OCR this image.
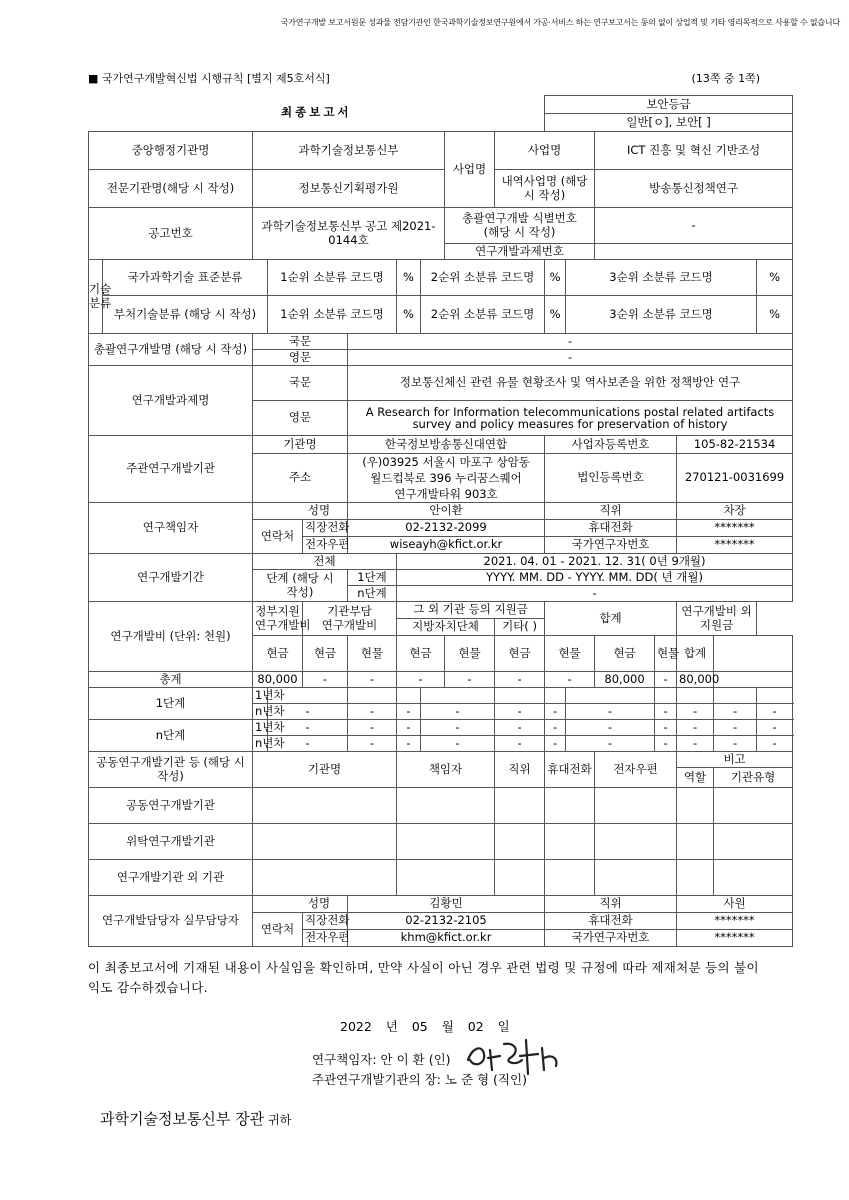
국가연구개발 보고서원문 성과물 전담기관인 한국과학기술정보연구원에서 가공·서비스 하는 연구보고서는 동의 없이 상업적 및 기타 영리목적으로 사용할 수 없습니다
■ 국가연구개발혁신법 시행규칙 [별지 제5호서식]	(13쪽 중 1쪽)
최종보고서										보안등급						
										일반[ㅇ], 보안[ ]						
중앙행정기관명		과학기술정보통신부						사업명	사업명			ICT 진흥 및 혁신 기반조성				
전문기관명(해당 시 작성)		정보통신기획평가원							내역사업명 (해당 시 작성)			방송통신정책연구				
공고번호		과학기술정보통신부 공고 제2021-0144호						총괄연구개발 식별번호 (해당 시 작성)				-				
								연구개발과제번호								
기술 분류	국가과학기술 표준분류		1순위 소분류 코드명			%	2순위 소분류 코드명			%	3순위 소분류 코드명					%
	부처기술분류 (해당 시 작성)		1순위 소분류 코드명			%	2순위 소분류 코드명			%	3순위 소분류 코드명					%
총괄연구개발명 (해당 시 작성)		국문			-											
		영문			-											
연구개발과제명		국문			정보통신체신 관련 유물 현황조사 및 역사보존을 위한 정책방안 연구											
		영문			A Research for Information telecommunications postal related artifacts survey and policy measures for preservation of history											
주관연구개발기관		기관명			한국정보방송통신대연합					사업자등록번호				105-82-21534		
		주소			(우)03925 서울시 마포구 상암동 월드컵북로 396 누리꿈스퀘어 연구개발타워 903호					법인등록번호				270121-0031699		
연구책임자		성명			안이환					직위				차장		
		연락처		직장전화	02-2132-2099					휴대전화				*******		
				전자우편	wiseayh@kfict.or.kr					국가연구자번호				*******		
연구개발기간		전체				2021. 04. 01 - 2021. 12. 31( 0년 9개월)										
		단계 (해당 시 작성)			1단계	YYYY. MM. DD - YYYY. MM. DD( 년 개월)										
					n단계	-										
연구개발비 (단위: 천원)		정부지원 연구개발비		기관부담 연구개발비		그 외 기관 등의 지원금				합계				연구개발비 외 지원금		
						지방자치단체			기타( )							
		현금		현금	현물	현금		현물	현금	현물		현금	현물	합계		
총계		80,000		-	-	-		-	-	-		80,000	-	80,000		
1단계		1년차														
		n년차	-		-	-	-		-	-	-		-	-	-	-
n단계		1년차	-		-	-	-		-	-	-		-	-	-	-
		n년차	-		-	-	-		-	-	-		-	-	-	-
공동연구개발기관 등 (해당 시 작성)		기관명				책임자			직위	휴대전화		전자우편		비고		
														역할	기관유형	
공동연구개발기관																
위탁연구개발기관																
연구개발기관 외 기관																
연구개발담당자 실무담당자		성명			김황민					직위				사원		
		연락처		직장전화	02-2132-2105					휴대전화				*******		
				전자우편	khm@kfict.or.kr					국가연구자번호				*******		
이 최종보고서에 기재된 내용이 사실임을 확인하며, 만약 사실이 아닌 경우 관련 법령 및 규정에 따라 제재처분 등의 불이익도 감수하겠습니다.
2022 년 05 월 02 일
연구책임자: 안 이 환 (인)
주관연구개발기관의 장: 노 준 형 (직인)
과학기술정보통신부 장관 귀하
